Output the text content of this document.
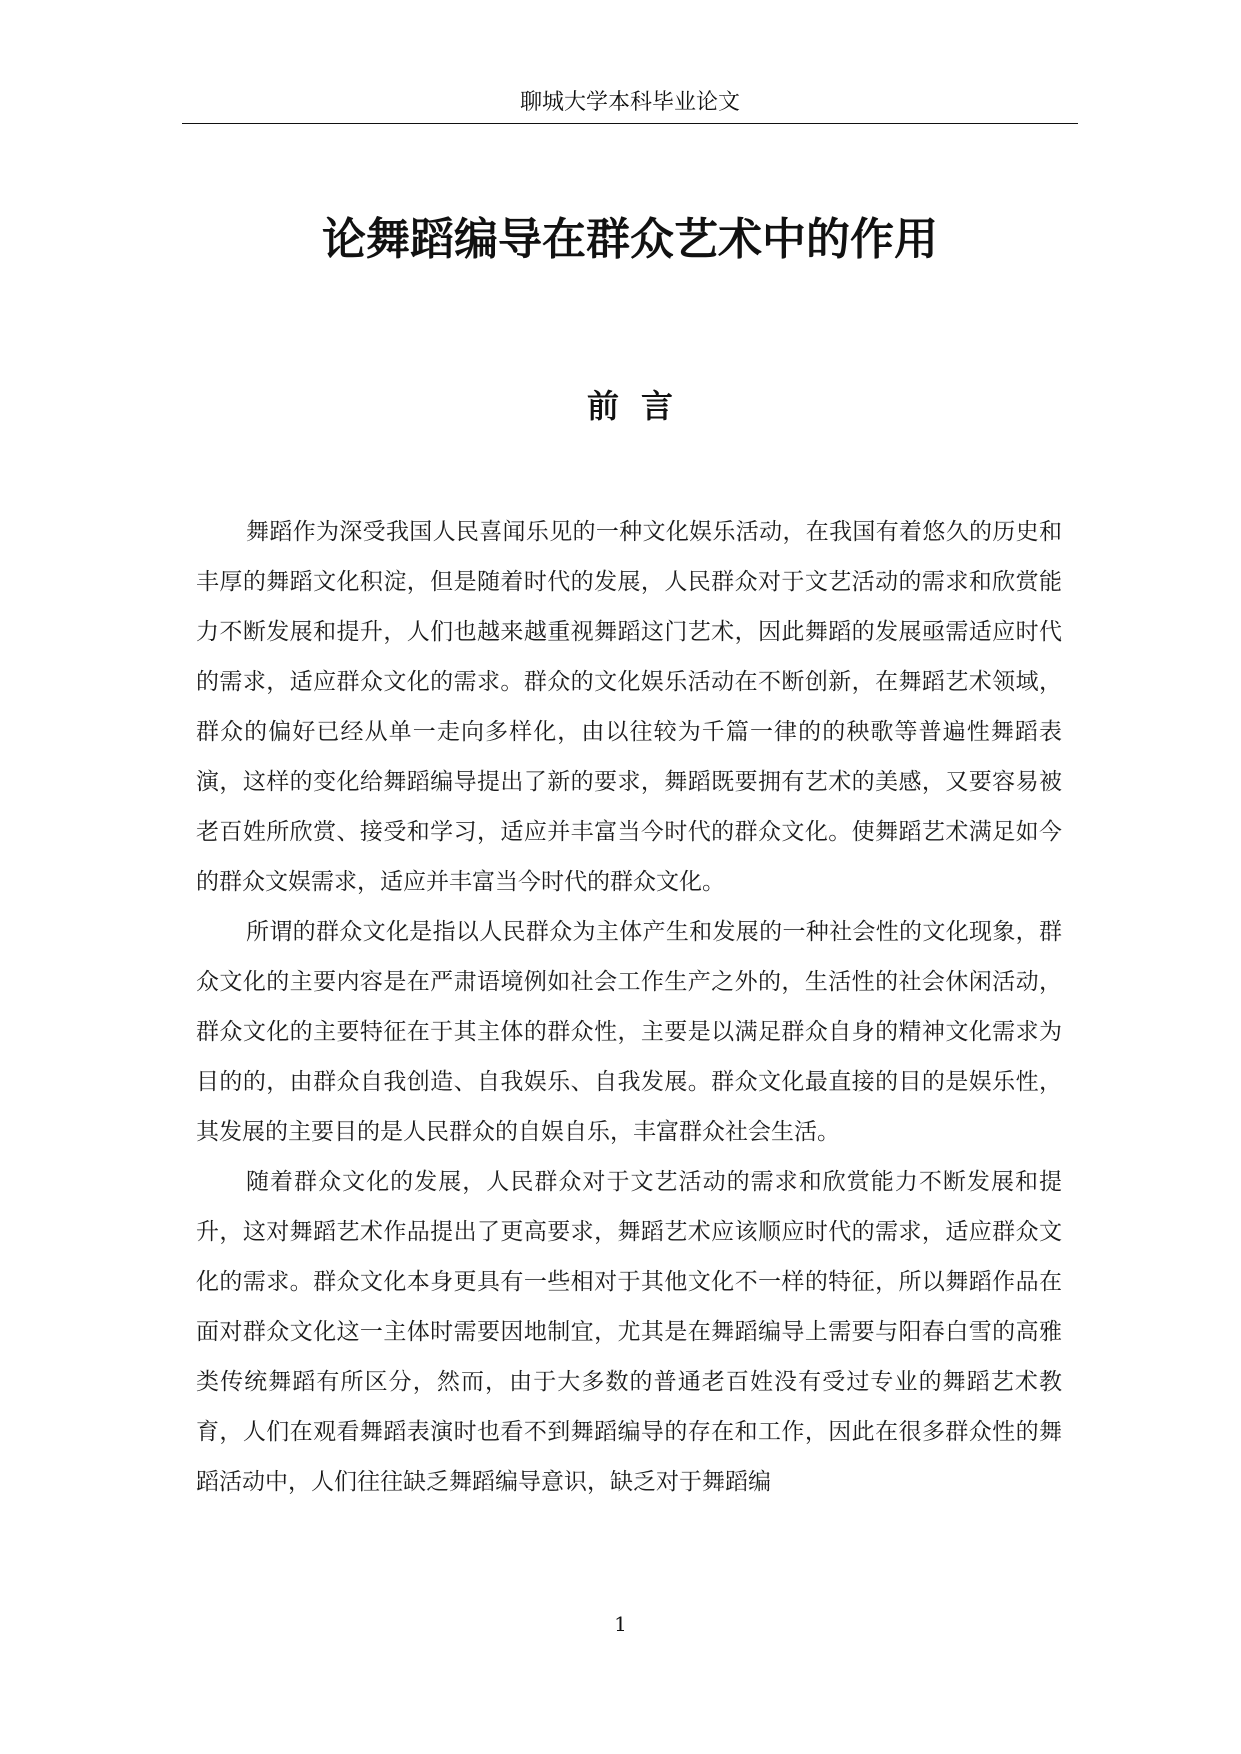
聊城大学本科毕业论文
论舞蹈编导在群众艺术中的作用
前言

舞蹈作为深受我国人民喜闻乐见的一种文化娱乐活动，在我国有着悠久的历史和丰厚的舞蹈文化积淀，但是随着时代的发展，人民群众对于文艺活动的需求和欣赏能力不断发展和提升，人们也越来越重视舞蹈这门艺术，因此舞蹈的发展亟需适应时代的需求，适应群众文化的需求。群众的文化娱乐活动在不断创新，在舞蹈艺术领域，群众的偏好已经从单一走向多样化，由以往较为千篇一律的的秧歌等普遍性舞蹈表演，这样的变化给舞蹈编导提出了新的要求，舞蹈既要拥有艺术的美感，又要容易被老百姓所欣赏、接受和学习，适应并丰富当今时代的群众文化。使舞蹈艺术满足如今的群众文娱需求，适应并丰富当今时代的群众文化。

所谓的群众文化是指以人民群众为主体产生和发展的一种社会性的文化现象，群众文化的主要内容是在严肃语境例如社会工作生产之外的，生活性的社会休闲活动，群众文化的主要特征在于其主体的群众性，主要是以满足群众自身的精神文化需求为目的的，由群众自我创造、自我娱乐、自我发展。群众文化最直接的目的是娱乐性，其发展的主要目的是人民群众的自娱自乐，丰富群众社会生活。

随着群众文化的发展，人民群众对于文艺活动的需求和欣赏能力不断发展和提升，这对舞蹈艺术作品提出了更高要求，舞蹈艺术应该顺应时代的需求，适应群众文化的需求。群众文化本身更具有一些相对于其他文化不一样的特征，所以舞蹈作品在面对群众文化这一主体时需要因地制宜，尤其是在舞蹈编导上需要与阳春白雪的高雅类传统舞蹈有所区分，然而，由于大多数的普通老百姓没有受过专业的舞蹈艺术教育，人们在观看舞蹈表演时也看不到舞蹈编导的存在和工作，因此在很多群众性的舞蹈活动中，人们往往缺乏舞蹈编导意识，缺乏对于舞蹈编

1
